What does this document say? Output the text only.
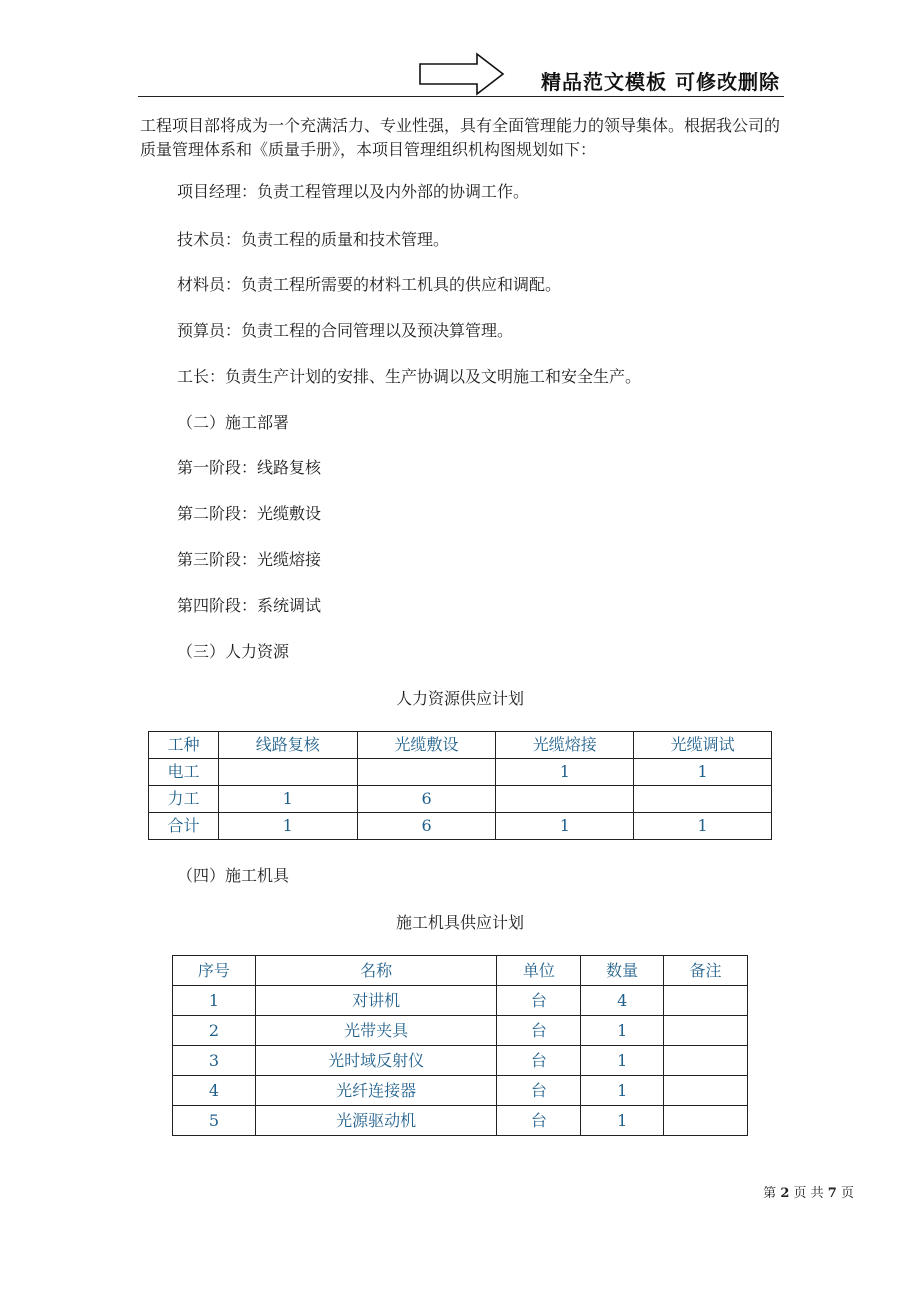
精品范文模板 可修改删除
工程项目部将成为一个充满活力、专业性强，具有全面管理能力的领导集体。根据我公司的质量管理体系和《质量手册》，本项目管理组织机构图规划如下：
项目经理：负责工程管理以及内外部的协调工作。
技术员：负责工程的质量和技术管理。
材料员：负责工程所需要的材料工机具的供应和调配。
预算员：负责工程的合同管理以及预决算管理。
工长：负责生产计划的安排、生产协调以及文明施工和安全生产。
（二）施工部署
第一阶段：线路复核
第二阶段：光缆敷设
第三阶段：光缆熔接
第四阶段：系统调试
（三）人力资源
人力资源供应计划
工种	线路复核	光缆敷设	光缆熔接	光缆调试
电工			1	1
力工	1	6		
合计	1	6	1	1
（四）施工机具
施工机具供应计划
序号	名称	单位	数量	备注
1	对讲机	台	4	
2	光带夹具	台	1	
3	光时域反射仪	台	1	
4	光纤连接器	台	1	
5	光源驱动机	台	1	
第 2 页 共 7 页
